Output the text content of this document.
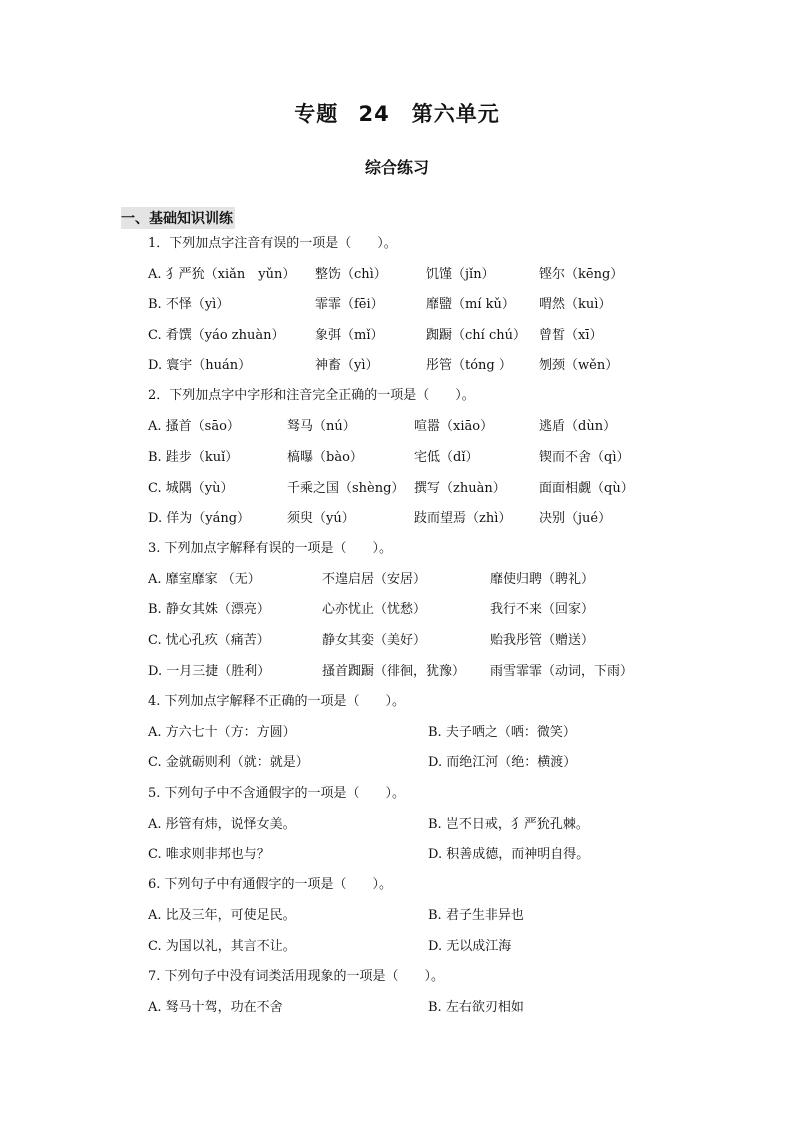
专题 24　第六单元
综合练习
一、基础知识训练
1．下列加点字注音有误的一项是（　　）。
A. 犭严狁（xiǎn　yǔn） 整饬（chì）	饥馑（jǐn）	铿尔（kēng）
B. 不怿（yì）	霏霏（fēi）	靡盬（mí kǔ） 喟然（kuì）
C. 肴馔（yáo zhuàn） 象弭（mǐ）	踟蹰（chí chú） 曾皙（xī）
D. 寰宇（huán）	神畜（yì）	彤管（tóng ） 刎颈（wěn）
2．下列加点字中字形和注音完全正确的一项是（　　）。
A. 搔首（sāo）	驽马（nú）	喧嚣（xiāo）	逃盾（dùn）
B. 跬步（kuǐ）	槁曝（bào）	宅低（dǐ）	锲而不舍（qì）
C. 城隅（yù）	千乘之国（shèng） 撰写（zhuàn）	面面相觑（qù）
D. 佯为（yáng）	须臾（yú）	跂而望焉（zhì） 决别（jué）
3. 下列加点字解释有误的一项是（　　）。
A. 靡室靡家 （无）	不遑启居（安居）	靡使归聘（聘礼）
B. 静女其姝（漂亮）	心亦忧止（忧愁）	我行不来（回家）
C. 忧心孔疚（痛苦）	静女其娈（美好）	贻我彤管（赠送）
D. 一月三捷（胜利）	搔首踟蹰（徘徊，犹豫） 雨雪霏霏（动词，下雨）
4. 下列加点字解释不正确的一项是（　　）。
A. 方六七十（方：方圆）	B. 夫子哂之（哂：微笑）
C. 金就砺则利（就：就是）	D. 而绝江河（绝：横渡）
5. 下列句子中不含通假字的一项是（　　）。
A. 彤管有炜，说怿女美。	B. 岂不日戒，犭严狁孔棘。
C. 唯求则非邦也与？	D. 积善成德，而神明自得。
6. 下列句子中有通假字的一项是（　　）。
A. 比及三年，可使足民。	B. 君子生非异也
C. 为国以礼，其言不让。	D. 无以成江海
7. 下列句子中没有词类活用现象的一项是（　　）。
A. 驽马十驾，功在不舍	B. 左右欲刃相如
